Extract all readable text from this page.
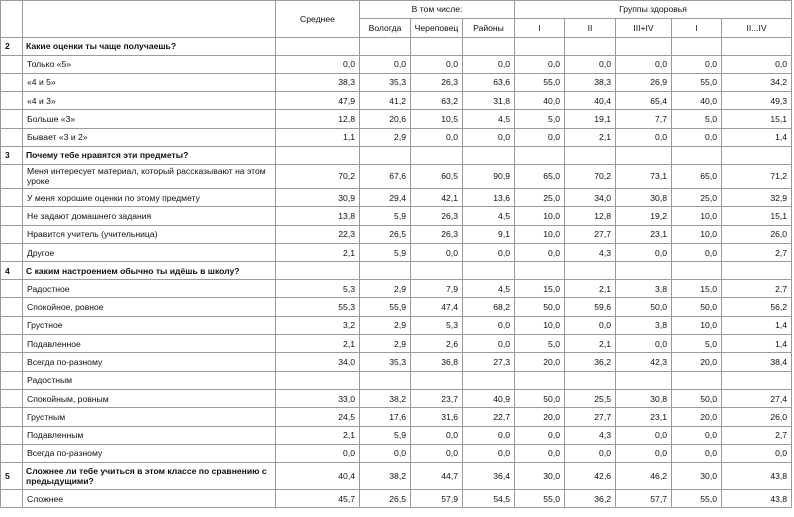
		Среднее	В том числе:			Группы здоровья				
			Вологда	Череповец	Районы	I	II	III+IV	I	II...IV
2	Какие оценки ты чаще получаешь?									
	Только «5»	0,0	0,0	0,0	0,0	0,0	0,0	0,0	0,0	0,0
	«4 и 5»	38,3	35,3	26,3	63,6	55,0	38,3	26,9	55,0	34,2
	«4 и 3»	47,9	41,2	63,2	31,8	40,0	40,4	65,4	40,0	49,3
	Больше «3»	12,8	20,6	10,5	4,5	5,0	19,1	7,7	5,0	15,1
	Бывает «3 и 2»	1,1	2,9	0,0	0,0	0,0	2,1	0,0	0,0	1,4
3	Почему тебе нравятся эти предметы?									
	Меня интересует материал, который рассказывают на этом уроке	70,2	67,6	60,5	90,9	65,0	70,2	73,1	65,0	71,2
	У меня хорошие оценки по этому предмету	30,9	29,4	42,1	13,6	25,0	34,0	30,8	25,0	32,9
	Не задают домашнего задания	13,8	5,9	26,3	4,5	10,0	12,8	19,2	10,0	15,1
	Нравится учитель (учительница)	22,3	26,5	26,3	9,1	10,0	27,7	23,1	10,0	26,0
	Другое	2,1	5,9	0,0	0,0	0,0	4,3	0,0	0,0	2,7
4	С каким настроением обычно ты идёшь в школу?									
	Радостное	5,3	2,9	7,9	4,5	15,0	2,1	3,8	15,0	2,7
	Спокойное, ровное	55,3	55,9	47,4	68,2	50,0	59,6	50,0	50,0	56,2
	Грустное	3,2	2,9	5,3	0,0	10,0	0,0	3,8	10,0	1,4
	Подавленное	2,1	2,9	2,6	0,0	5,0	2,1	0,0	5,0	1,4
	Всегда по-разному	34,0	35,3	36,8	27,3	20,0	36,2	42,3	20,0	38,4
	Радостным									
	Спокойным, ровным	33,0	38,2	23,7	40,9	50,0	25,5	30,8	50,0	27,4
	Грустным	24,5	17,6	31,6	22,7	20,0	27,7	23,1	20,0	26,0
	Подавленным	2,1	5,9	0,0	0,0	0,0	4,3	0,0	0,0	2,7
	Всегда по-разному	0,0	0,0	0,0	0,0	0,0	0,0	0,0	0,0	0,0
5	Сложнее ли тебе учиться в этом классе по сравнению с предыдущими?	40,4	38,2	44,7	36,4	30,0	42,6	46,2	30,0	43,8
	Сложнее	45,7	26,5	57,9	54,5	55,0	36,2	57,7	55,0	43,8
